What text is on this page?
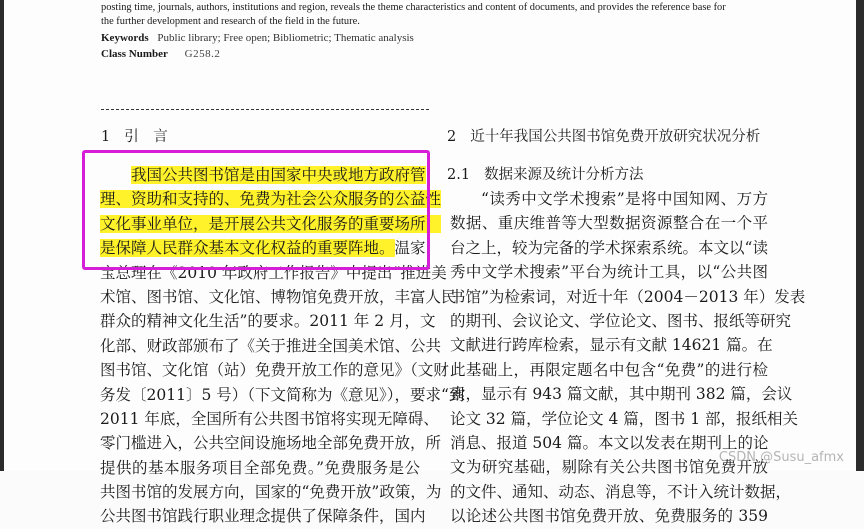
posting time, journals, authors, institutions and region, reveals the theme characteristics and content of documents, and provides the reference base for
the further development and research of the field in the future.
Keywords Public library; Free open; Bibliometric; Thematic analysis
Class Number G258.2
1 引　言
我国公共图书馆是由国家中央或地方政府管
理、资助和支持的、免费为社会公众服务的公益性
文化事业单位，是开展公共文化服务的重要场所，
是保障人民群众基本文化权益的重要阵地。温家
宝总理在《2010 年政府工作报告》中提出“推进美
术馆、图书馆、文化馆、博物馆免费开放，丰富人民
群众的精神文化生活”的要求。2011 年 2 月，文
化部、财政部颁布了《关于推进全国美术馆、公共
图书馆、文化馆（站）免费开放工作的意见》（文财
务发〔2011〕5 号）（下文简称为《意见》），要求“到
2011 年底，全国所有公共图书馆将实现无障碍、
零门槛进入，公共空间设施场地全部免费开放，所
提供的基本服务项目全部免费。”免费服务是公
共图书馆的发展方向，国家的“免费开放”政策，为
公共图书馆践行职业理念提供了保障条件，国内
2 近十年我国公共图书馆免费开放研究状况分析
2.1 数据来源及统计分析方法
“读秀中文学术搜索”是将中国知网、万方
数据、重庆维普等大型数据资源整合在一个平
台之上，较为完备的学术探索系统。本文以“读
秀中文学术搜索”平台为统计工具，以“公共图
书馆”为检索词，对近十年（2004－2013 年）发表
的期刊、会议论文、学位论文、图书、报纸等研究
文献进行跨库检索，显示有文献 14621 篇。在
此基础上，再限定题名中包含“免费”的进行检
索，显示有 943 篇文献，其中期刊 382 篇，会议
论文 32 篇，学位论文 4 篇，图书 1 部，报纸相关
消息、报道 504 篇。本文以发表在期刊上的论
文为研究基础，剔除有关公共图书馆免费开放
的文件、通知、动态、消息等，不计入统计数据，
以论述公共图书馆免费开放、免费服务的 359
CSDN @Susu_afmx
